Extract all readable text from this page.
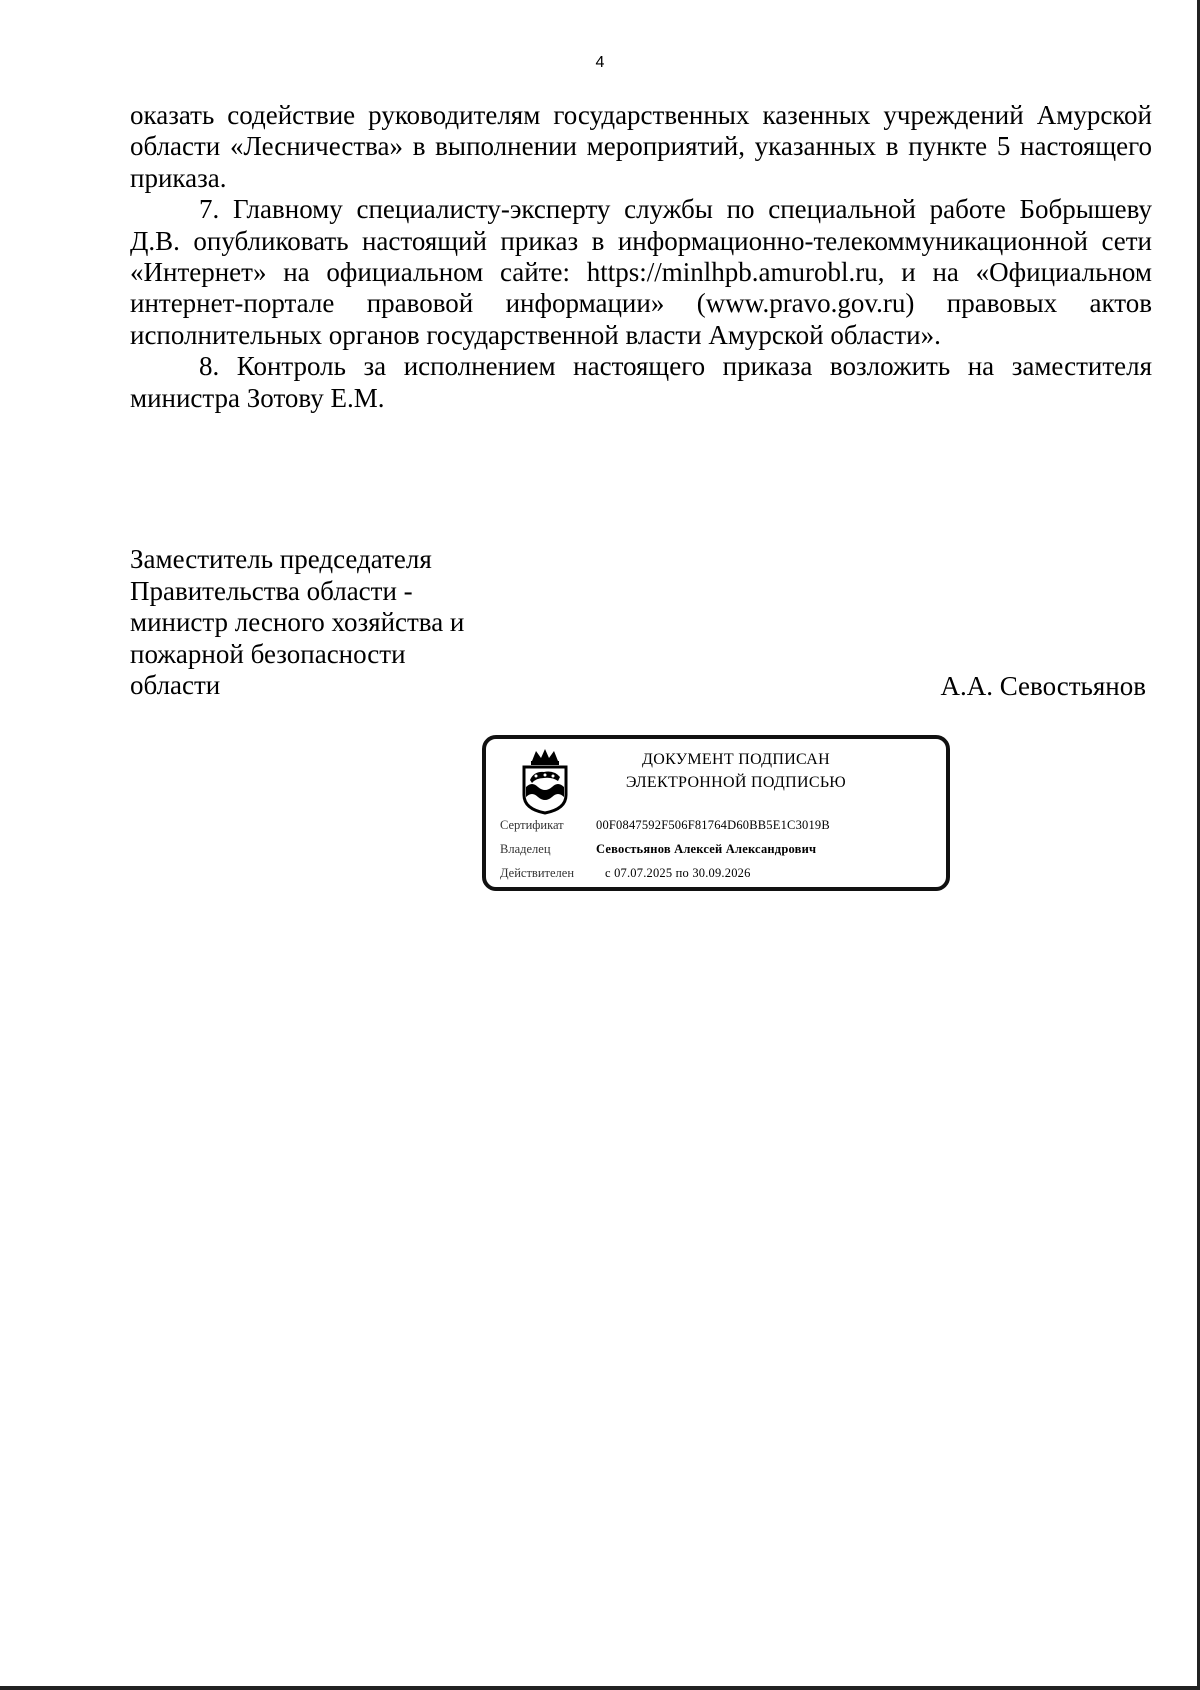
4

оказать содействие руководителям государственных казенных учреждений Амурской области «Лесничества» в выполнении мероприятий, указанных в пункте 5 настоящего приказа.

7. Главному специалисту-эксперту службы по специальной работе Бобрышеву Д.В. опубликовать настоящий приказ в информационно-телекоммуникационной сети «Интернет» на официальном сайте: https://minlhpb.amurobl.ru, и на «Официальном интернет-портале правовой информации» (www.pravo.gov.ru) правовых актов исполнительных органов государственной власти Амурской области».

8. Контроль за исполнением настоящего приказа возложить на заместителя министра Зотову Е.М.

Заместитель председателя
Правительства области -
министр лесного хозяйства и
пожарной безопасности
области	А.А. Севостьянов
ДОКУМЕНТ ПОДПИСАН
ЭЛЕКТРОННОЙ ПОДПИСЬЮ
Сертификат	00F0847592F506F81764D60BB5E1C3019B
Владелец	Севостьянов Алексей Александрович
Действителен с 07.07.2025 по 30.09.2026
